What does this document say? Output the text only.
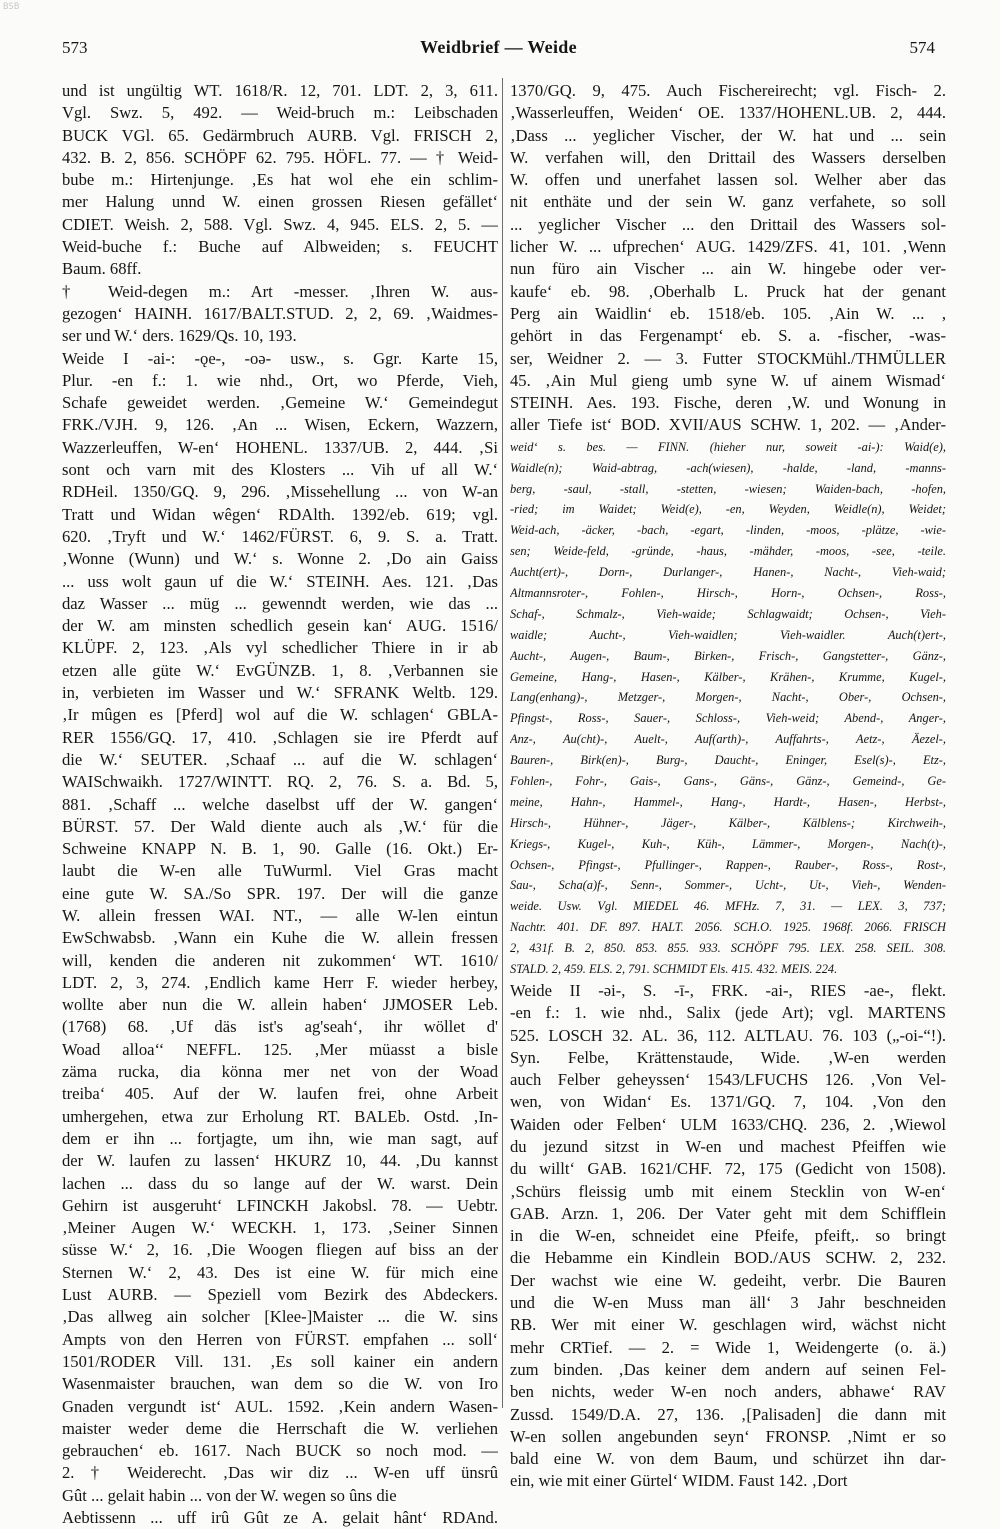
BSB
573	Weidbrief — Weide	574
und ist ungültig WT. 1618/R. 12, 701. LDT. 2, 3, 611.
Vgl. Swz. 5, 492. — Weid-bruch m.: Leibschaden
BUCK VGl. 65. Gedärmbruch AURB. Vgl. FRISCH 2,
432. B. 2, 856. SCHÖPF 62. 795. HÖFL. 77. — † Weid-
bube m.: Hirtenjunge. ‚Es hat wol ehe ein schlim-
mer Halung unnd W. einen grossen Riesen gefället‘
CDIET. Weish. 2, 588. Vgl. Swz. 4, 945. ELS. 2, 5. —
Weid-buche f.: Buche auf Albweiden; s. FEUCHT
Baum. 68ff.
† Weid-degen m.: Art -messer. ‚Ihren W. aus-
gezogen‘ HAINH. 1617/BALT.STUD. 2, 2, 69. ‚Waidmes-
ser und W.‘ ders. 1629/Qs. 10, 193.
Weide I -ai-: -ǫe-, -oə- usw., s. Ggr. Karte 15,
Plur. -en f.: 1. wie nhd., Ort, wo Pferde, Vieh,
Schafe geweidet werden. ‚Gemeine W.‘ Gemeindegut
FRK./VJH. 9, 126. ‚An ... Wisen, Eckern, Wazzern,
Wazzerleuffen, W-en‘ HOHENL. 1337/UB. 2, 444. ‚Si
sont och varn mit des Klosters ... Vih uf all W.‘
RDHeil. 1350/GQ. 9, 296. ‚Missehellung ... von W-an
Tratt und Widan wêgen‘ RDAlth. 1392/eb. 619; vgl.
620. ‚Tryft und W.‘ 1462/FÜRST. 6, 9. S. a. Tratt.
‚Wonne (Wunn) und W.‘ s. Wonne 2. ‚Do ain Gaiss
... uss wolt gaun uf die W.‘ STEINH. Aes. 121. ‚Das
daz Wasser ... müg ... gewenndt werden, wie das ...
der W. am minsten schedlich gesein kan‘ AUG. 1516/
KLÜPF. 2, 123. ‚Als vyl schedlicher Thiere in ir ab
etzen alle güte W.‘ EvGÜNZB. 1, 8. ‚Verbannen sie
in, verbieten im Wasser und W.‘ SFRANK Weltb. 129.
‚Ir mûgen es [Pferd] wol auf die W. schlagen‘ GBLA-
RER 1556/GQ. 17, 410. ‚Schlagen sie ire Pferdt auf
die W.‘ SEUTER. ‚Schaaf ... auf die W. schlagen‘
WAISchwaikh. 1727/WINTT. RQ. 2, 76. S. a. Bd. 5,
881. ‚Schaff ... welche daselbst uff der W. gangen‘
BÜRST. 57. Der Wald diente auch als ‚W.‘ für die
Schweine KNAPP N. B. 1, 90. Galle (16. Okt.) Er-
laubt die W-en alle TuWurml. Viel Gras macht
eine gute W. SA./So SPR. 197. Der will die ganze
W. allein fressen WAI. NT., — alle W-len eintun
EwSchwabsb. ‚Wann ein Kuhe die W. allein fressen
will, kenden die anderen nit zukommen‘ WT. 1610/
LDT. 2, 3, 274. ‚Endlich kame Herr F. wieder herbey,
wollte aber nun die W. allein haben‘ JJMOSER Leb.
(1768) 68. ‚Uf däs ist's ag'seah‘, ihr wöllet d'
Woad alloa‘‘ NEFFL. 125. ‚Mer müasst a bisle
zäma rucka, dia könna mer net von der Woad
treiba‘ 405. Auf der W. laufen frei, ohne Arbeit
umhergehen, etwa zur Erholung RT. BALEb. Ostd. ‚In-
dem er ihn ... fortjagte, um ihn, wie man sagt, auf
der W. laufen zu lassen‘ HKURZ 10, 44. ‚Du kannst
lachen ... dass du so lange auf der W. warst. Dein
Gehirn ist ausgeruht‘ LFINCKH Jakobsl. 78. — Uebtr.
‚Meiner Augen W.‘ WECKH. 1, 173. ‚Seiner Sinnen
süsse W.‘ 2, 16. ‚Die Woogen fliegen auf biss an der
Sternen W.‘ 2, 43. Des ist eine W. für mich eine
Lust AURB. — Speziell vom Bezirk des Abdeckers.
‚Das allweg ain solcher [Klee-]Maister ... die W. sins
Ampts von den Herren von FÜRST. empfahen ... soll‘
1501/RODER Vill. 131. ‚Es soll kainer ein andern
Wasenmaister brauchen, wan dem so die W. von Iro
Gnaden vergundt ist‘ AUL. 1592. ‚Kein andern Wasen-
maister weder deme die Herrschaft die W. verliehen
gebrauchen‘ eb. 1617. Nach BUCK so noch mod. —
2. † Weiderecht. ‚Das wir diz ... W-en uff ünsrû
Gût ... gelait habin ... von der W. wegen so ûns die
Aebtissenn ... uff irû Gût ze A. gelait hânt‘ RDAnd.
1370/GQ. 9, 475. Auch Fischereirecht; vgl. Fisch- 2.
‚Wasserleuffen, Weiden‘ OE. 1337/HOHENL.UB. 2, 444.
‚Dass ... yeglicher Vischer, der W. hat und ... sein
W. verfahen will, den Drittail des Wassers derselben
W. offen und unerfahet lassen sol. Welher aber das
nit enthäte und der sein W. ganz verfahete, so soll
... yeglicher Vischer ... den Drittail des Wassers sol-
licher W. ... ufprechen‘ AUG. 1429/ZFS. 41, 101. ‚Wenn
nun füro ain Vischer ... ain W. hingebe oder ver-
kaufe‘ eb. 98. ‚Oberhalb L. Pruck hat der genant
Perg ain Waidlin‘ eb. 1518/eb. 105. ‚Ain W. ... ,
gehört in das Fergenampt‘ eb. S. a. -fischer, -was-
ser, Weidner 2. — 3. Futter STOCKMühl./THMÜLLER
45. ‚Ain Mul gieng umb syne W. uf ainem Wismad‘
STEINH. Aes. 193. Fische, deren ‚W. und Wonung in
aller Tiefe ist‘ BOD. XVII/AUS SCHW. 1, 202. — ‚Ander-
weid‘ s. bes. — FINN. (hieher nur, soweit -ai-): Waid(e),
Waidle(n); Waid-abtrag, -ach(wiesen), -halde, -land, -manns-
berg, -saul, -stall, -stetten, -wiesen; Waiden-bach, -hofen,
-ried; im Waidet; Weid(e), -en, Weyden, Weidle(n), Weidet;
Weid-ach, -äcker, -bach, -egart, -linden, -moos, -plätze, -wie-
sen; Weide-feld, -gründe, -haus, -mähder, -moos, -see, -teile.
Aucht(ert)-, Dorn-, Durlanger-, Hanen-, Nacht-, Vieh-waid;
Altmannsroter-, Fohlen-, Hirsch-, Horn-, Ochsen-, Ross-,
Schaf-, Schmalz-, Vieh-waide; Schlagwaidt; Ochsen-, Vieh-
waidle; Aucht-, Vieh-waidlen; Vieh-waidler. Auch(t)ert-,
Aucht-, Augen-, Baum-, Birken-, Frisch-, Gangstetter-, Gänz-,
Gemeine, Hang-, Hasen-, Kälber-, Krähen-, Krumme, Kugel-,
Lang(enhang)-, Metzger-, Morgen-, Nacht-, Ober-, Ochsen-,
Pfingst-, Ross-, Sauer-, Schloss-, Vieh-weid; Abend-, Anger-,
Anz-, Au(cht)-, Auelt-, Auf(arth)-, Auffahrts-, Aetz-, Äezel-,
Bauren-, Birk(en)-, Burg-, Daucht-, Eninger, Esel(s)-, Etz-,
Fohlen-, Fohr-, Gais-, Gans-, Gäns-, Gänz-, Gemeind-, Ge-
meine, Hahn-, Hammel-, Hang-, Hardt-, Hasen-, Herbst-,
Hirsch-, Hühner-, Jäger-, Kälber-, Kälblens-; Kirchweih-,
Kriegs-, Kugel-, Kuh-, Küh-, Lämmer-, Morgen-, Nach(t)-,
Ochsen-, Pfingst-, Pfullinger-, Rappen-, Rauber-, Ross-, Rost-,
Sau-, Scha(a)f-, Senn-, Sommer-, Ucht-, Ut-, Vieh-, Wenden-
weide. Usw. Vgl. MIEDEL 46. MFHz. 7, 31. — LEX. 3, 737;
Nachtr. 401. DF. 897. HALT. 2056. SCH.O. 1925. 1968f. 2066. FRISCH
2, 431f. B. 2, 850. 853. 855. 933. SCHÖPF 795. LEX. 258. SEIL. 308.
STALD. 2, 459. ELS. 2, 791. SCHMIDT Els. 415. 432. MEIS. 224.
Weide II -əi-, S. -ī-, FRK. -ai-, RIES -ae-, flekt.
-en f.: 1. wie nhd., Salix (jede Art); vgl. MARTENS
525. LOSCH 32. AL. 36, 112. ALTLAU. 76. 103 („-oi-“!).
Syn. Felbe, Krättenstaude, Wide. ‚W-en werden
auch Felber geheyssen‘ 1543/LFUCHS 126. ‚Von Vel-
wen, von Widan‘ Es. 1371/GQ. 7, 104. ‚Von den
Waiden oder Felben‘ ULM 1633/CHQ. 236, 2. ‚Wiewol
du jezund sitzst in W-en und machest Pfeiffen wie
du willt‘ GAB. 1621/CHF. 72, 175 (Gedicht von 1508).
‚Schürs fleissig umb mit einem Stecklin von W-en‘
GAB. Arzn. 1, 206. Der Vater geht mit dem Schifflein
in die W-en, schneidet eine Pfeife, pfeift,. so bringt
die Hebamme ein Kindlein BOD./AUS SCHW. 2, 232.
Der wachst wie eine W. gedeiht, verbr. Die Bauren
und die W-en Muss man äll‘ 3 Jahr beschneiden
RB. Wer mit einer W. geschlagen wird, wächst nicht
mehr CRTief. — 2. = Wide 1, Weidengerte (o. ä.)
zum binden. ‚Das keiner dem andern auf seinen Fel-
ben nichts, weder W-en noch anders, abhawe‘ RAV
Zussd. 1549/D.A. 27, 136. ‚[Palisaden] die dann mit
W-en sollen angebunden seyn‘ FRONSP. ‚Nimt er so
bald eine W. von dem Baum, und schürzet ihn dar-
ein, wie mit einer Gürtel‘ WIDM. Faust 142. ‚Dort
